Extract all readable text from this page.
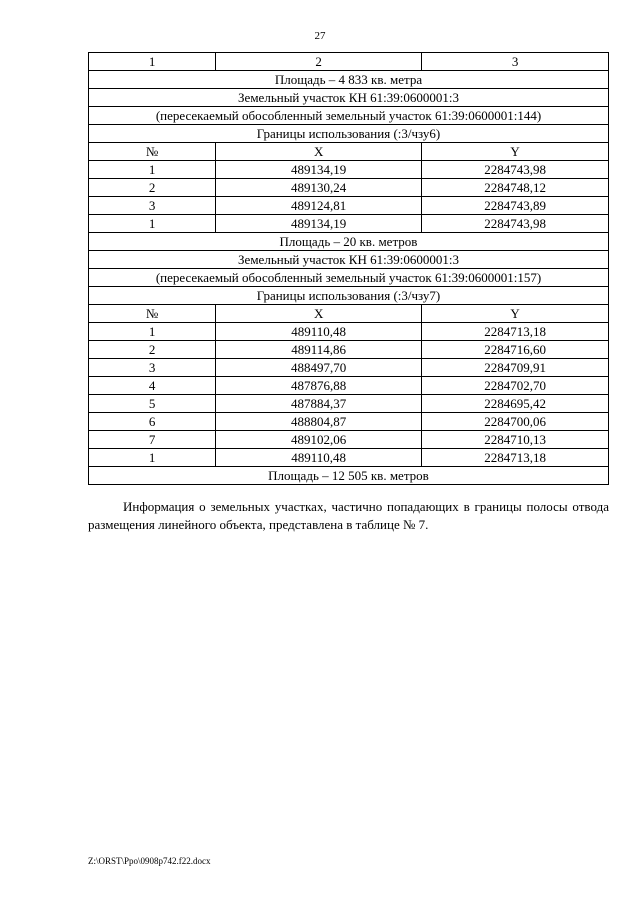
27
1	2	3
Площадь – 4 833 кв. метра		
Земельный участок КН 61:39:0600001:3		
(пересекаемый обособленный земельный участок 61:39:0600001:144)		
Границы использования (:3/чзу6)		
№	X	Y
1	489134,19	2284743,98
2	489130,24	2284748,12
3	489124,81	2284743,89
1	489134,19	2284743,98
Площадь – 20 кв. метров		
Земельный участок КН 61:39:0600001:3		
(пересекаемый обособленный земельный участок 61:39:0600001:157)		
Границы использования (:3/чзу7)		
№	X	Y
1	489110,48	2284713,18
2	489114,86	2284716,60
3	488497,70	2284709,91
4	487876,88	2284702,70
5	487884,37	2284695,42
6	488804,87	2284700,06
7	489102,06	2284710,13
1	489110,48	2284713,18
Площадь – 12 505 кв. метров		

Информация о земельных участках, частично попадающих в границы полосы отвода размещения линейного объекта, представлена в таблице № 7.

Z:\ORST\Ppo\0908p742.f22.docx
